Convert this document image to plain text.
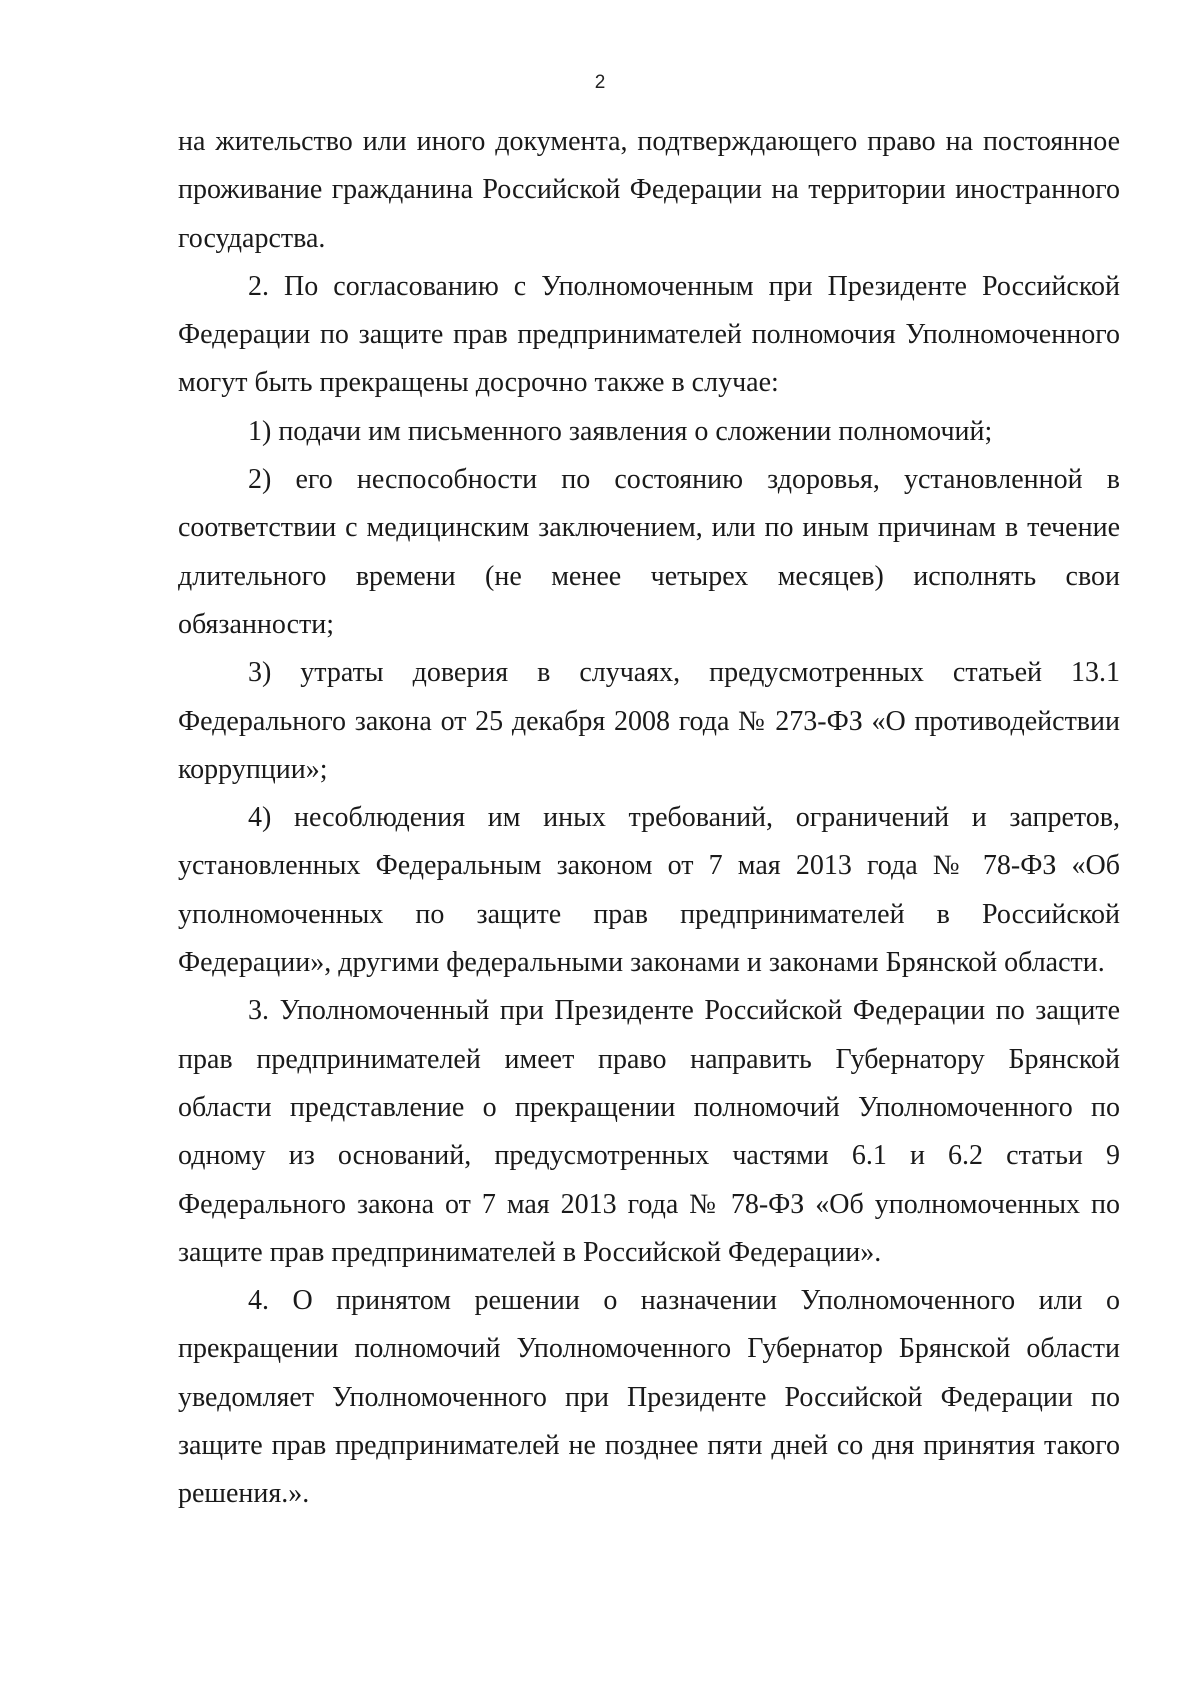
2

на жительство или иного документа, подтверждающего право на постоянное проживание гражданина Российской Федерации на территории иностранного государства.

2. По согласованию с Уполномоченным при Президенте Российской Федерации по защите прав предпринимателей полномочия Уполномоченного могут быть прекращены досрочно также в случае:

1) подачи им письменного заявления о сложении полномочий;

2) его неспособности по состоянию здоровья, установленной в соответствии с медицинским заключением, или по иным причинам в течение длительного времени (не менее четырех месяцев) исполнять свои обязанности;

3) утраты доверия в случаях, предусмотренных статьей 13.1 Федерального закона от 25 декабря 2008 года № 273-ФЗ «О противодействии коррупции»;

4) несоблюдения им иных требований, ограничений и запретов, установленных Федеральным законом от 7 мая 2013 года № 78-ФЗ «Об уполномоченных по защите прав предпринимателей в Российской Федерации», другими федеральными законами и законами Брянской области.

3. Уполномоченный при Президенте Российской Федерации по защите прав предпринимателей имеет право направить Губернатору Брянской области представление о прекращении полномочий Уполномоченного по одному из оснований, предусмотренных частями 6.1 и 6.2 статьи 9 Федерального закона от 7 мая 2013 года № 78-ФЗ «Об уполномоченных по защите прав предпринимателей в Российской Федерации».

4. О принятом решении о назначении Уполномоченного или о прекращении полномочий Уполномоченного Губернатор Брянской области уведомляет Уполномоченного при Президенте Российской Федерации по защите прав предпринимателей не позднее пяти дней со дня принятия такого решения.».
